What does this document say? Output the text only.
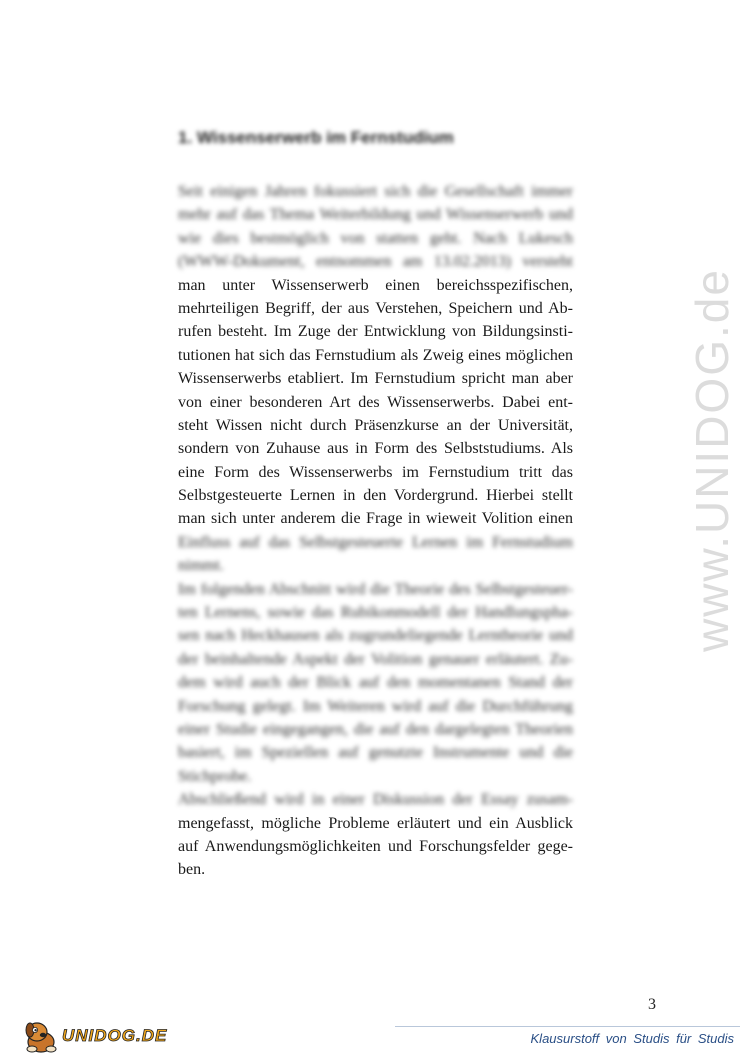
1. Wissenserwerb im Fernstudium
Seit einigen Jahren fokussiert sich die Gesellschaft immer
mehr auf das Thema Weiterbildung und Wissenserwerb und
wie dies bestmöglich von statten geht. Nach Lukesch
(WWW-Dokument, entnommen am 13.02.2013) versteht
man unter Wissenserwerb einen bereichsspezifischen,
mehrteiligen Begriff, der aus Verstehen, Speichern und Ab-
rufen besteht. Im Zuge der Entwicklung von Bildungsinsti-
tutionen hat sich das Fernstudium als Zweig eines möglichen
Wissenserwerbs etabliert. Im Fernstudium spricht man aber
von einer besonderen Art des Wissenserwerbs. Dabei ent-
steht Wissen nicht durch Präsenzkurse an der Universität,
sondern von Zuhause aus in Form des Selbststudiums. Als
eine Form des Wissenserwerbs im Fernstudium tritt das
Selbstgesteuerte Lernen in den Vordergrund. Hierbei stellt
man sich unter anderem die Frage in wieweit Volition einen
Einfluss auf das Selbstgesteuerte Lernen im Fernstudium
nimmt.
Im folgenden Abschnitt wird die Theorie des Selbstgesteuer-
ten Lernens, sowie das Rubikonmodell der Handlungspha-
sen nach Heckhausen als zugrundeliegende Lerntheorie und
der beinhaltende Aspekt der Volition genauer erläutert. Zu-
dem wird auch der Blick auf den momentanen Stand der
Forschung gelegt. Im Weiteren wird auf die Durchführung
einer Studie eingegangen, die auf den dargelegten Theorien
basiert, im Speziellen auf genutzte Instrumente und die
Stichprobe.
Abschließend wird in einer Diskussion der Essay zusam-
mengefasst, mögliche Probleme erläutert und ein Ausblick
auf Anwendungsmöglichkeiten und Forschungsfelder gege-
ben.
www.UNIDOG.de
3
UNIDOG.DE	Klausurstoff von Studis für Studis
